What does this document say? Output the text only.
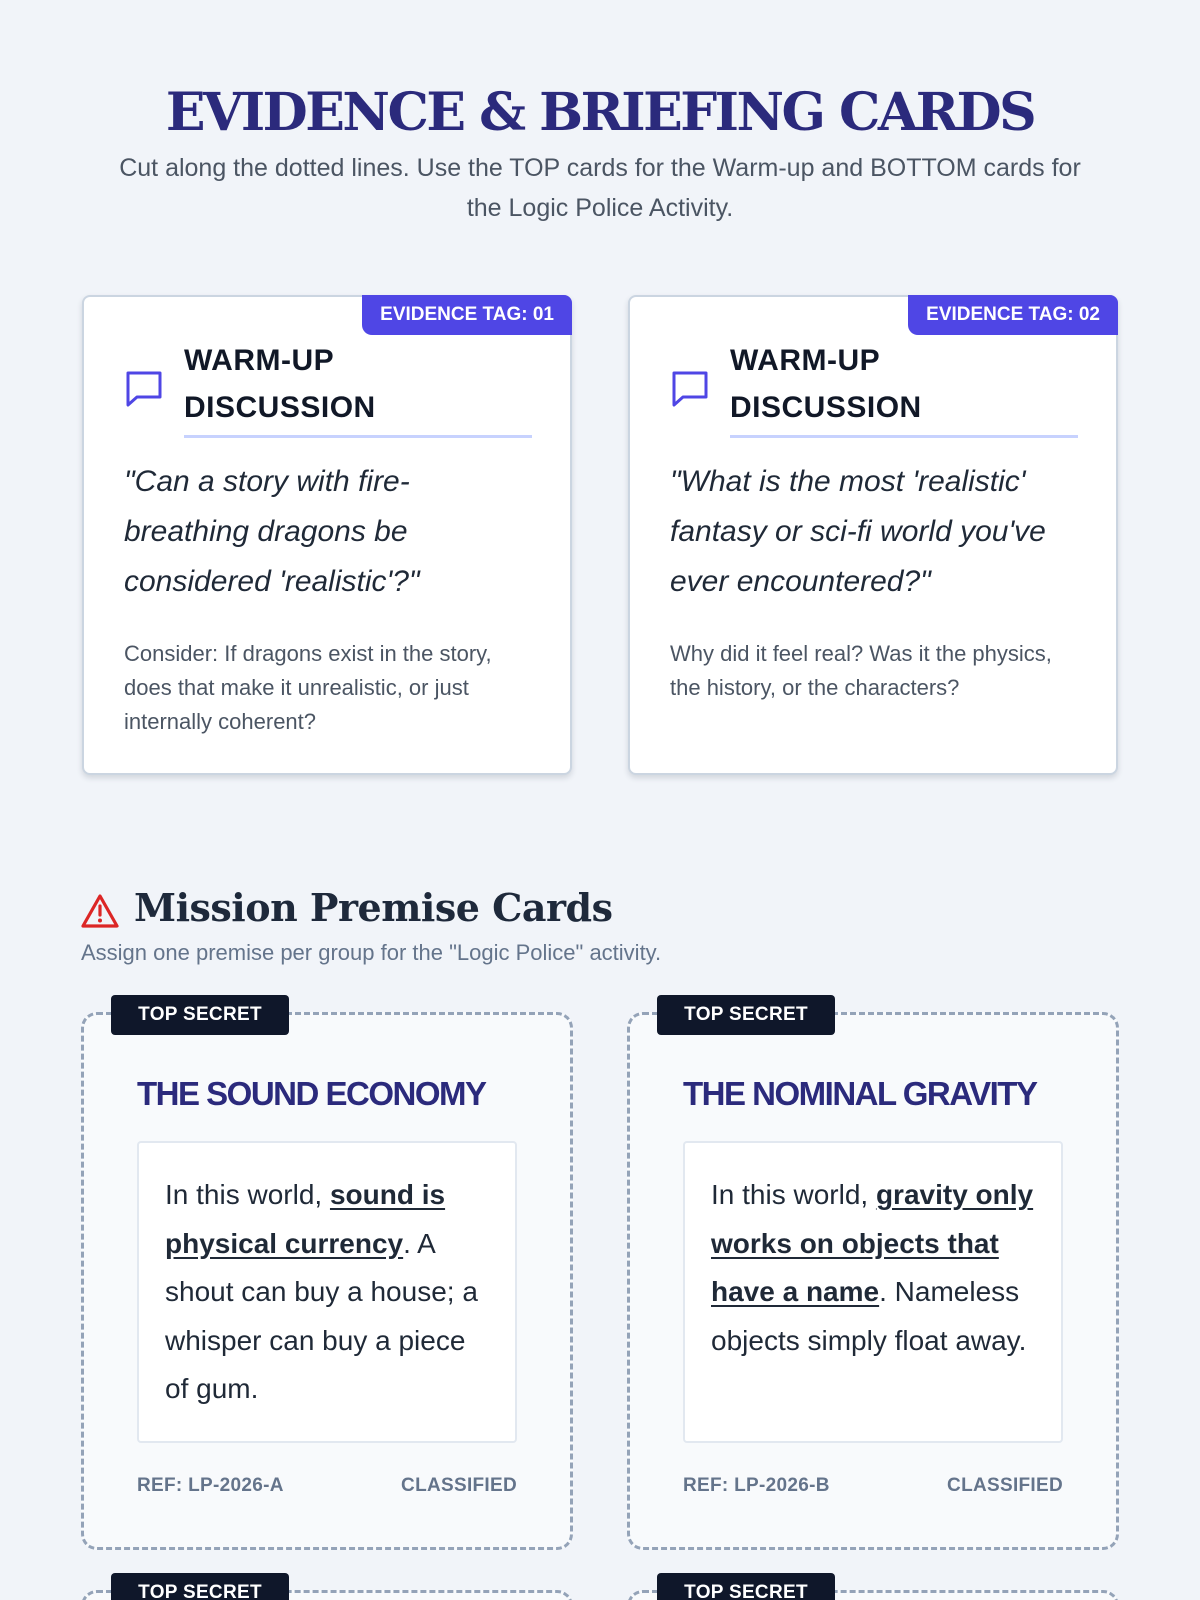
EVIDENCE & BRIEFING CARDS

Cut along the dotted lines. Use the TOP cards for the Warm-up and BOTTOM cards for the Logic Police Activity.

EVIDENCE TAG: 01
WARM-UP DISCUSSION
"Can a story with fire-breathing dragons be considered 'realistic'?"
Consider: If dragons exist in the story, does that make it unrealistic, or just internally coherent?
EVIDENCE TAG: 02
WARM-UP DISCUSSION
"What is the most 'realistic' fantasy or sci-fi world you've ever encountered?"
Why did it feel real? Was it the physics, the history, or the characters?
Mission Premise Cards

Assign one premise per group for the "Logic Police" activity.

TOP SECRET
THE SOUND ECONOMY
In this world, sound is physical currency. A shout can buy a house; a whisper can buy a piece of gum.
REF: LP-2026-A	CLASSIFIED
TOP SECRET
THE NOMINAL GRAVITY
In this world, gravity only works on objects that have a name. Nameless objects simply float away.
REF: LP-2026-B	CLASSIFIED
TOP SECRET	TOP SECRET
